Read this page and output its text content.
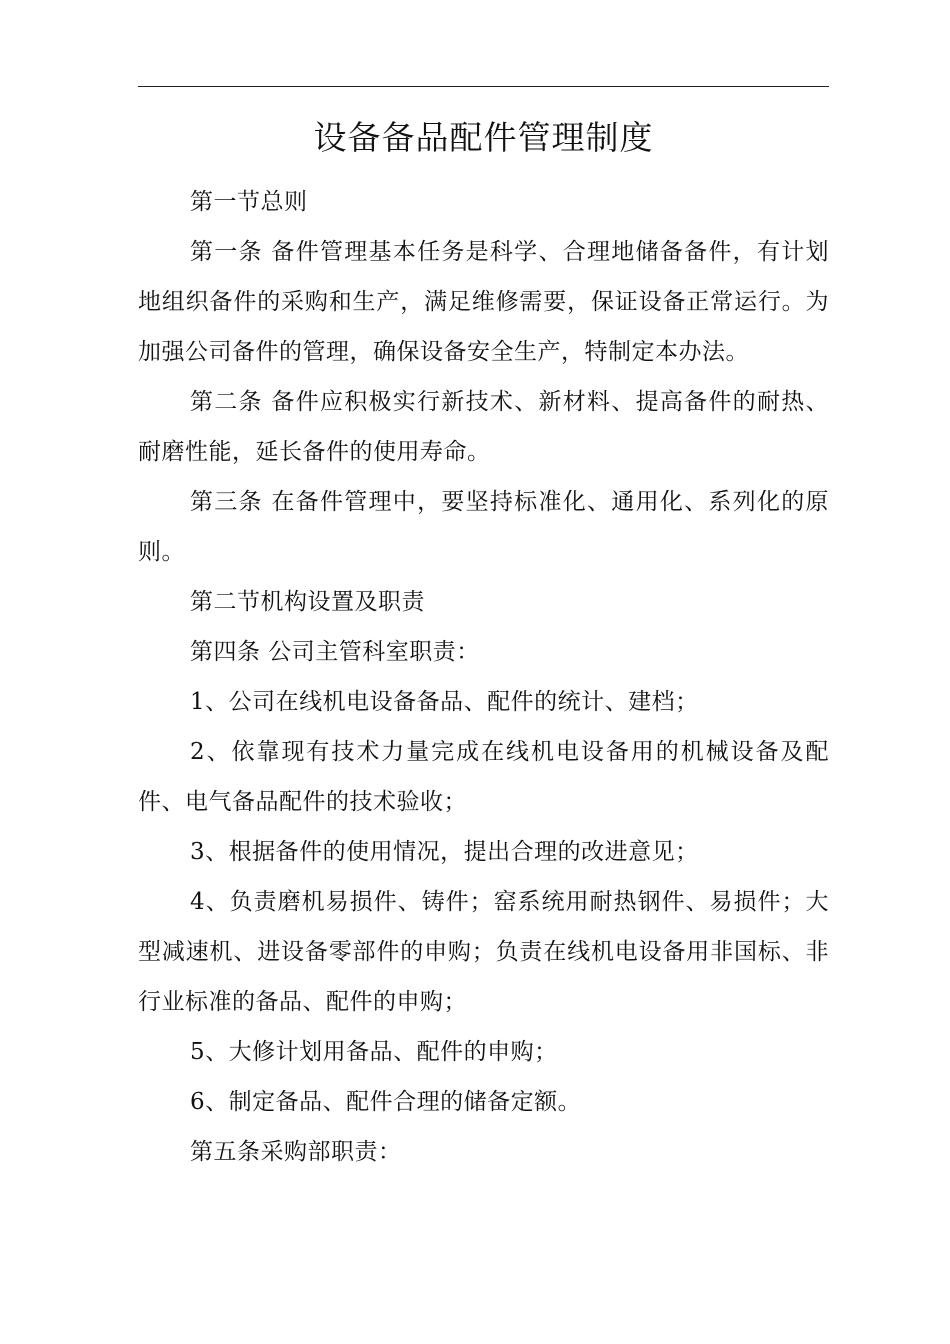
设备备品配件管理制度

第一节总则

第一条 备件管理基本任务是科学、合理地储备备件，有计划地组织备件的采购和生产，满足维修需要，保证设备正常运行。为加强公司备件的管理，确保设备安全生产，特制定本办法。

第二条 备件应积极实行新技术、新材料、提高备件的耐热、耐磨性能，延长备件的使用寿命。

第三条 在备件管理中，要坚持标准化、通用化、系列化的原则。

第二节机构设置及职责

第四条 公司主管科室职责：

1、公司在线机电设备备品、配件的统计、建档；

2、依靠现有技术力量完成在线机电设备用的机械设备及配件、电气备品配件的技术验收；

3、根据备件的使用情况，提出合理的改进意见；

4、负责磨机易损件、铸件；窑系统用耐热钢件、易损件；大型减速机、进设备零部件的申购；负责在线机电设备用非国标、非行业标准的备品、配件的申购；

5、大修计划用备品、配件的申购；

6、制定备品、配件合理的储备定额。

第五条采购部职责：
